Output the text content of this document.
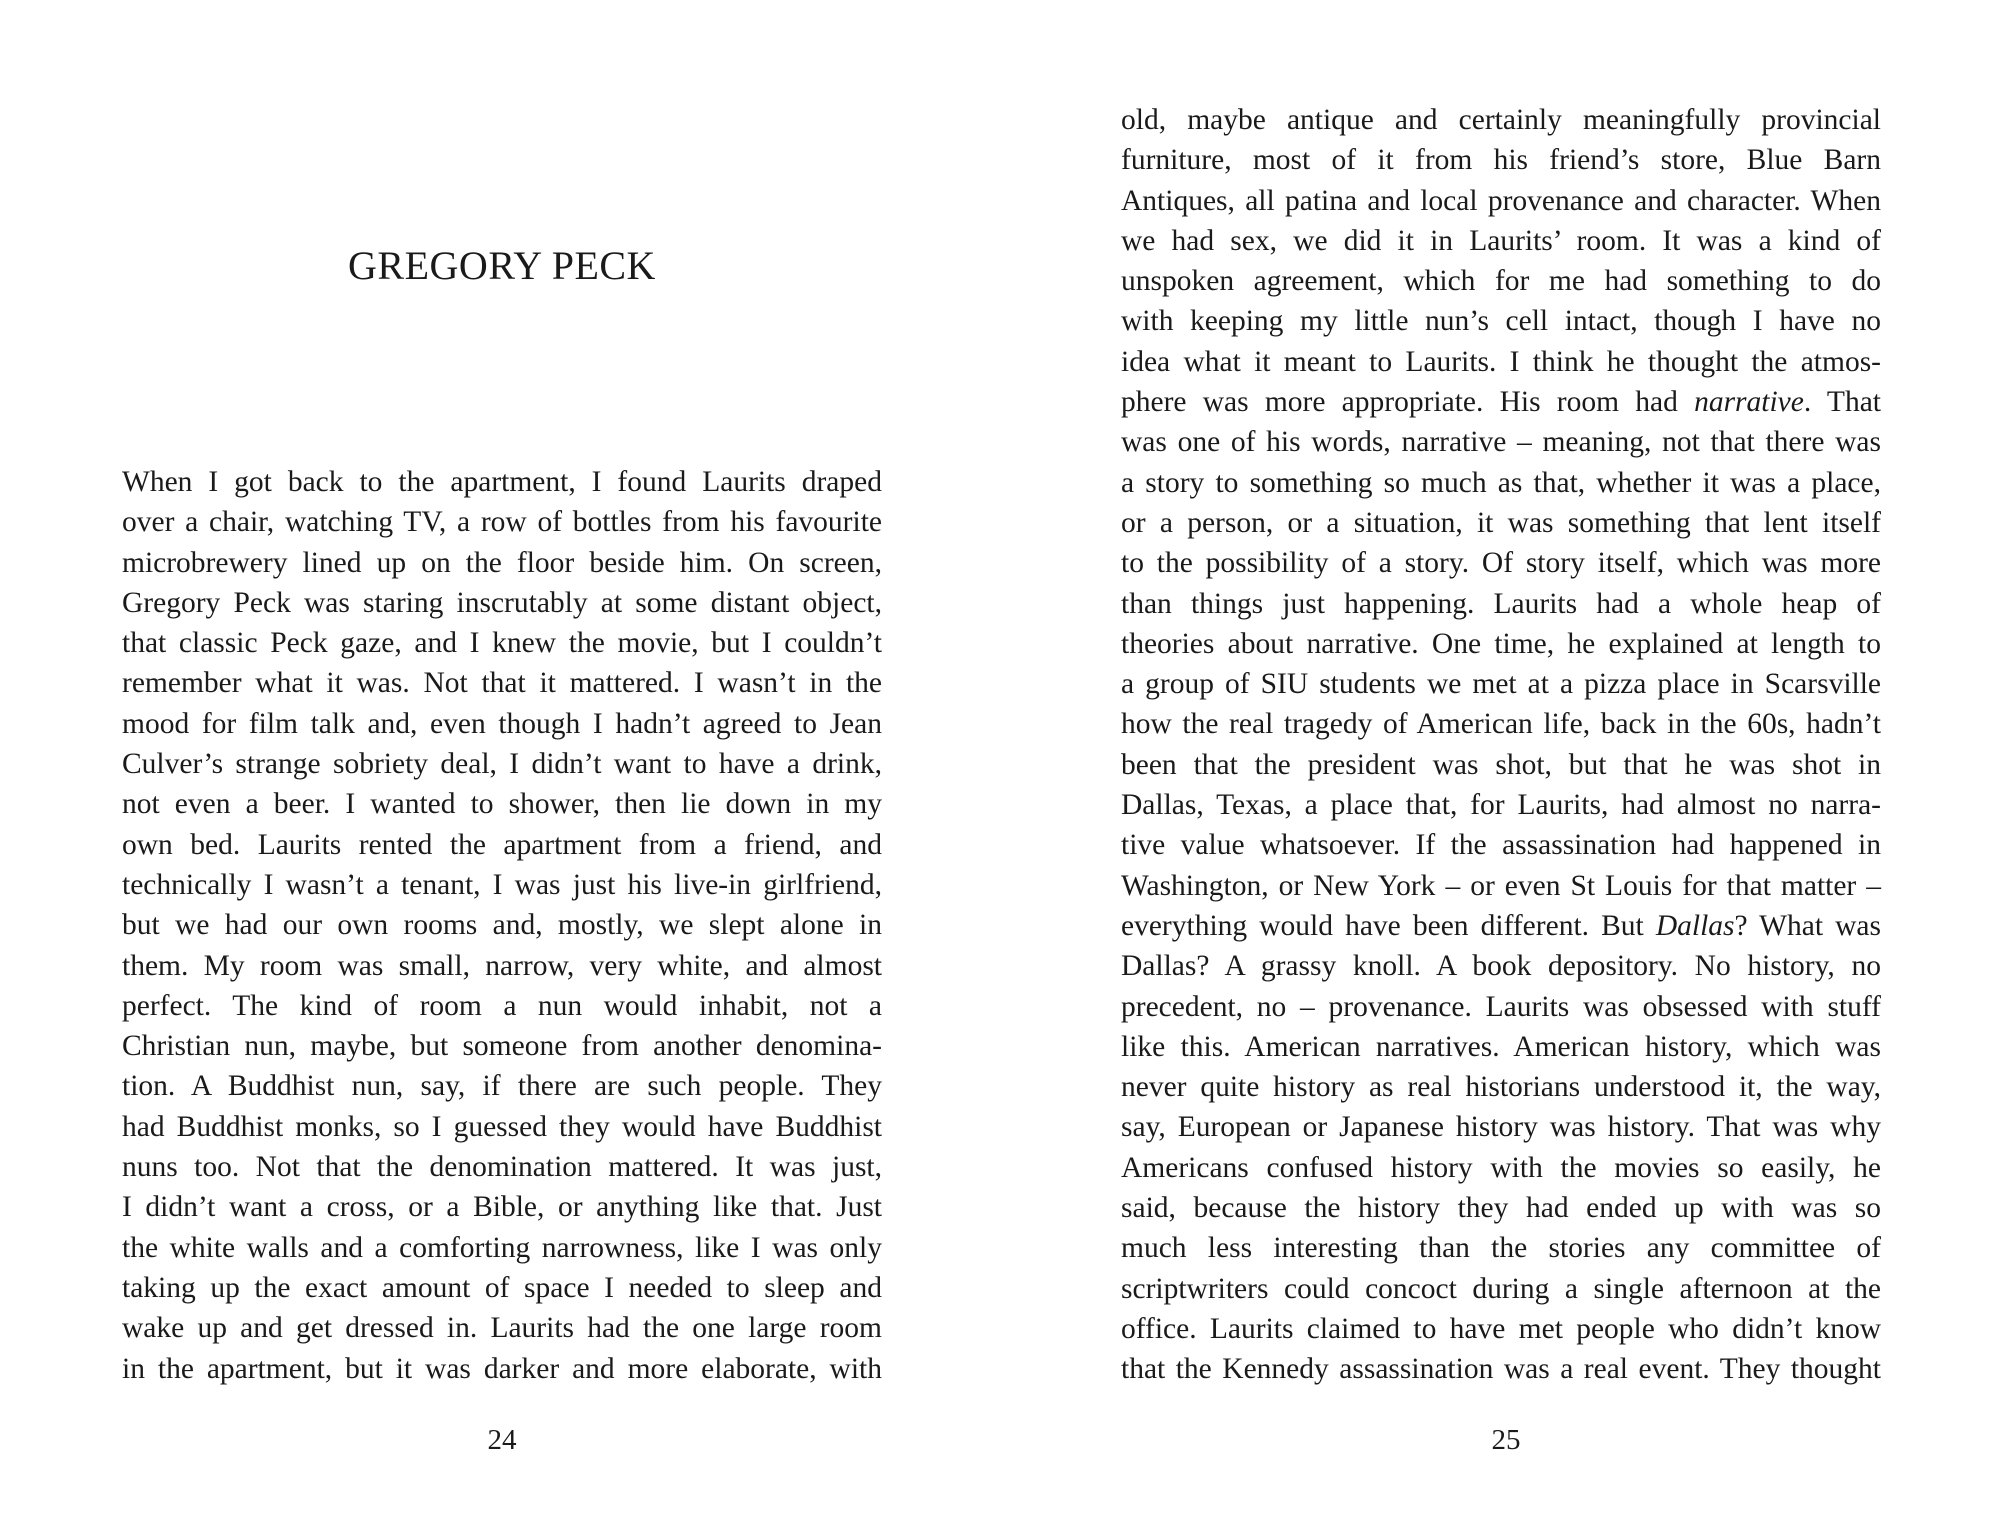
GREGORY PECK
When I got back to the apartment, I found Laurits draped
over a chair, watching TV, a row of bottles from his favourite
microbrewery lined up on the floor beside him. On screen,
Gregory Peck was staring inscrutably at some distant object,
that classic Peck gaze, and I knew the movie, but I couldn’t
remember what it was. Not that it mattered. I wasn’t in the
mood for film talk and, even though I hadn’t agreed to Jean
Culver’s strange sobriety deal, I didn’t want to have a drink,
not even a beer. I wanted to shower, then lie down in my
own bed. Laurits rented the apartment from a friend, and
technically I wasn’t a tenant, I was just his live-in girlfriend,
but we had our own rooms and, mostly, we slept alone in
them. My room was small, narrow, very white, and almost
perfect. The kind of room a nun would inhabit, not a
Christian nun, maybe, but someone from another denomina-
tion. A Buddhist nun, say, if there are such people. They
had Buddhist monks, so I guessed they would have Buddhist
nuns too. Not that the denomination mattered. It was just,
I didn’t want a cross, or a Bible, or anything like that. Just
the white walls and a comforting narrowness, like I was only
taking up the exact amount of space I needed to sleep and
wake up and get dressed in. Laurits had the one large room
in the apartment, but it was darker and more elaborate, with
24
old, maybe antique and certainly meaningfully provincial
furniture, most of it from his friend’s store, Blue Barn
Antiques, all patina and local provenance and character. When
we had sex, we did it in Laurits’ room. It was a kind of
unspoken agreement, which for me had something to do
with keeping my little nun’s cell intact, though I have no
idea what it meant to Laurits. I think he thought the atmos-
phere was more appropriate. His room had narrative. That
was one of his words, narrative – meaning, not that there was
a story to something so much as that, whether it was a place,
or a person, or a situation, it was something that lent itself
to the possibility of a story. Of story itself, which was more
than things just happening. Laurits had a whole heap of
theories about narrative. One time, he explained at length to
a group of SIU students we met at a pizza place in Scarsville
how the real tragedy of American life, back in the 60s, hadn’t
been that the president was shot, but that he was shot in
Dallas, Texas, a place that, for Laurits, had almost no narra-
tive value whatsoever. If the assassination had happened in
Washington, or New York – or even St Louis for that matter –
everything would have been different. But Dallas? What was
Dallas? A grassy knoll. A book depository. No history, no
precedent, no – provenance. Laurits was obsessed with stuff
like this. American narratives. American history, which was
never quite history as real historians understood it, the way,
say, European or Japanese history was history. That was why
Americans confused history with the movies so easily, he
said, because the history they had ended up with was so
much less interesting than the stories any committee of
scriptwriters could concoct during a single afternoon at the
office. Laurits claimed to have met people who didn’t know
that the Kennedy assassination was a real event. They thought
25
